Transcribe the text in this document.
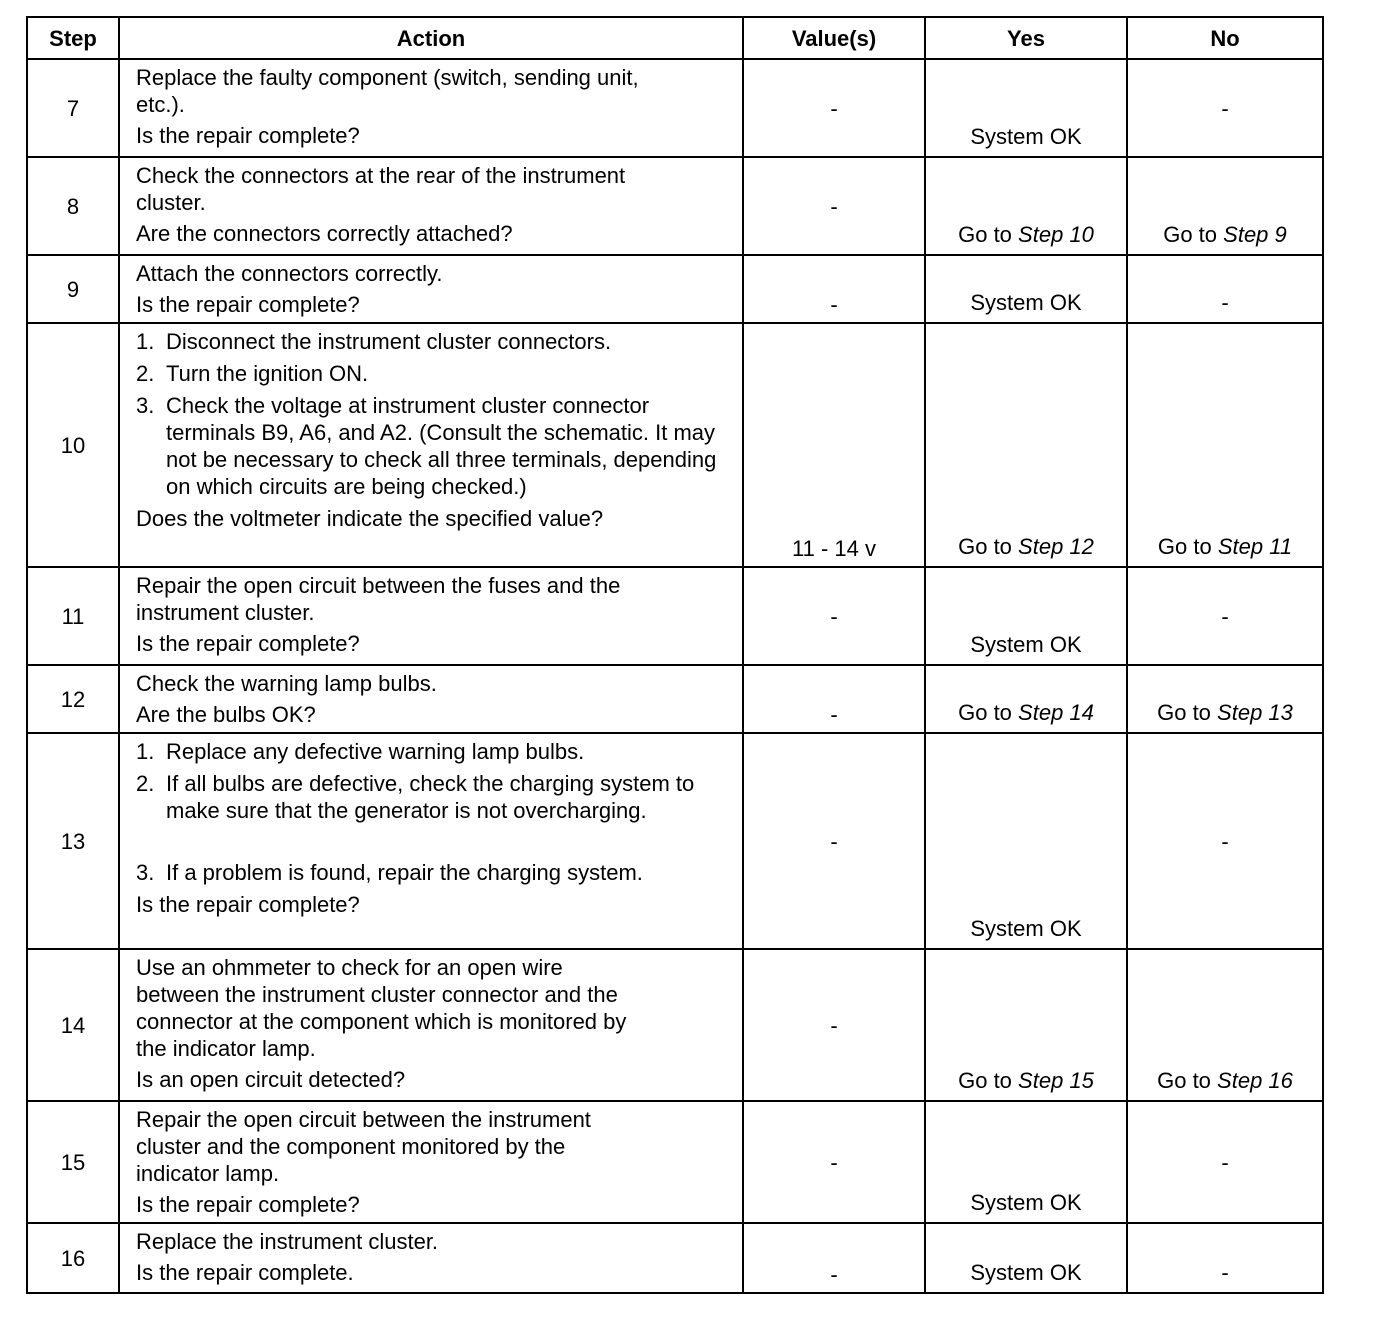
Step	Action	Value(s)	Yes	No
7	Replace the faulty component (switch, sending unit,
etc.).
Is the repair complete?	-	System OK	-
8	Check the connectors at the rear of the instrument
cluster.
Are the connectors correctly attached?	-	Go to Step 10	Go to Step 9
9	Attach the connectors correctly.
Is the repair complete?	-	System OK	-
10	1. Disconnect the instrument cluster connectors.
2. Turn the ignition ON.
3. Check the voltage at instrument cluster connector terminals B9, A6, and A2. (Consult the schematic. It may not be necessary to check all three terminals, depending on which circuits are being checked.)
Does the voltmeter indicate the specified value?	11 - 14 v	Go to Step 12	Go to Step 11
11	Repair the open circuit between the fuses and the
instrument cluster.
Is the repair complete?	-	System OK	-
12	Check the warning lamp bulbs.
Are the bulbs OK?	-	Go to Step 14	Go to Step 13
13	1. Replace any defective warning lamp bulbs.
2. If all bulbs are defective, check the charging system to make sure that the generator is not overcharging.
3. If a problem is found, repair the charging system.
Is the repair complete?	-	System OK	-
14	Use an ohmmeter to check for an open wire
between the instrument cluster connector and the
connector at the component which is monitored by
the indicator lamp.
Is an open circuit detected?	-	Go to Step 15	Go to Step 16
15	Repair the open circuit between the instrument
cluster and the component monitored by the
indicator lamp.
Is the repair complete?	-	System OK	-
16	Replace the instrument cluster.
Is the repair complete.	-	System OK	-
